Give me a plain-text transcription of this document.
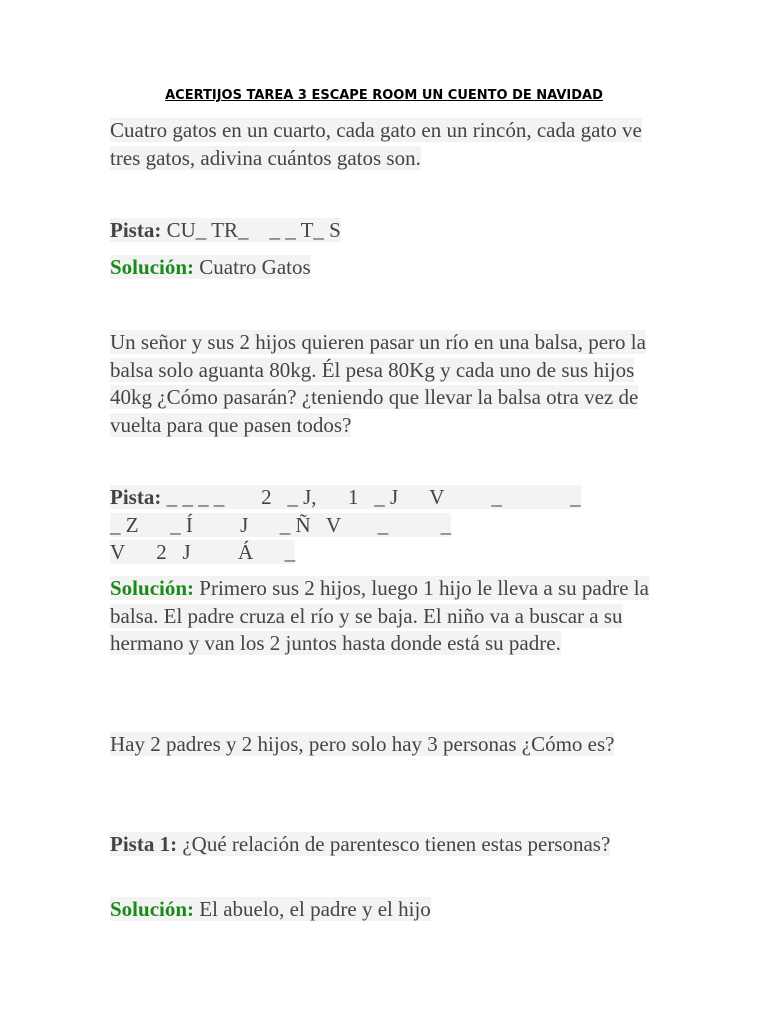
ACERTIJOS TAREA 3 ESCAPE ROOM UN CUENTO DE NAVIDAD
Cuatro gatos en un cuarto, cada gato en un rincón, cada gato ve tres gatos, adivina cuántos gatos son.
Pista: CU_ TR_    _ _ T_ S
Solución: Cuatro Gatos
Un señor y sus 2 hijos quieren pasar un río en una balsa, pero la balsa solo aguanta 80kg. Él pesa 80Kg y cada uno de sus hijos 40kg ¿Cómo pasarán? ¿teniendo que llevar la balsa otra vez de vuelta para que pasen todos?
Pista: _ _ _ _       2   _ J,      1   _ J      V         _             _
_ Z      _ Í         J      _ Ñ   V       _          _
V      2   J         Á      _
Solución: Primero sus 2 hijos, luego 1 hijo le lleva a su padre la balsa. El padre cruza el río y se baja. El niño va a buscar a su hermano y van los 2 juntos hasta donde está su padre.
Hay 2 padres y 2 hijos, pero solo hay 3 personas ¿Cómo es?
Pista 1: ¿Qué relación de parentesco tienen estas personas?
Solución: El abuelo, el padre y el hijo
